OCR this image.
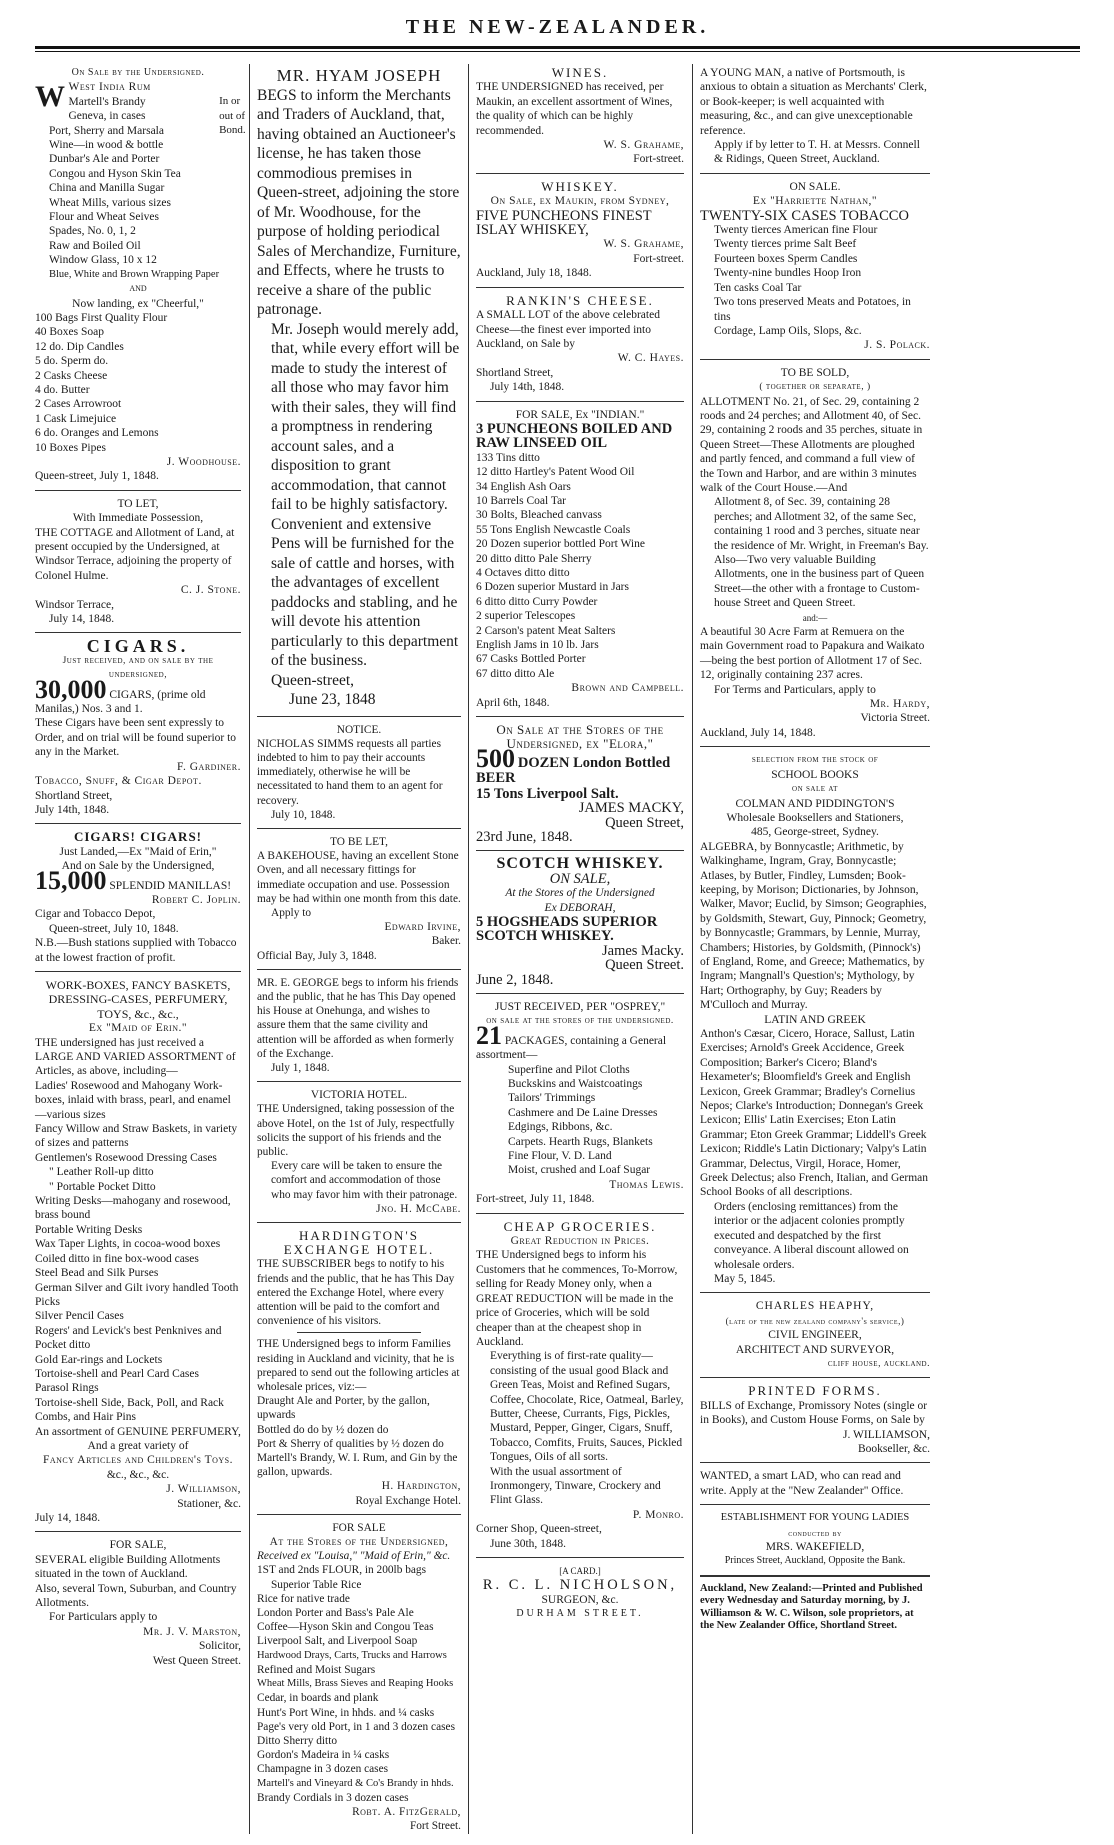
THE NEW-ZEALANDER.

On Sale by the Undersigned.

W West India Rum

Martell's Brandy

Geneva, in cases

Port, Sherry and Marsala

Wine—in wood & bottle

Dunbar's Ale and Porter

Congou and Hyson Skin Tea

China and Manilla Sugar

Wheat Mills, various sizes

Flour and Wheat Seives

Spades, No. 0, 1, 2

Raw and Boiled Oil

Window Glass, 10 x 12

Blue, White and Brown Wrapping Paper

In or out of Bond.

AND

Now landing, ex "Cheerful,"

100 Bags First Quality Flour

40 Boxes Soap

12 do. Dip Candles

5 do. Sperm do.

2 Casks Cheese

4 do. Butter

2 Cases Arrowroot

1 Cask Limejuice

6 do. Oranges and Lemons

10 Boxes Pipes

J. Woodhouse.

Queen-street, July 1, 1848.

TO LET,

With Immediate Possession,

THE COTTAGE and Allotment of Land, at present occupied by the Undersigned, at Windsor Terrace, adjoining the property of Colonel Hulme.

C. J. Stone.

Windsor Terrace,

July 14, 1848.

CIGARS.

Just received, and on sale by the undersigned,

30,000 CIGARS, (prime old Manilas,) Nos. 3 and 1.

These Cigars have been sent expressly to Order, and on trial will be found superior to any in the Market.

F. Gardiner.

Tobacco, Snuff, & Cigar Depot.

Shortland Street,

July 14th, 1848.

CIGARS! CIGARS!

Just Landed,—Ex "Maid of Erin,"

And on Sale by the Undersigned,

15,000 SPLENDID MANILLAS!

Robert C. Joplin.

Cigar and Tobacco Depot,

Queen-street, July 10, 1848.

N.B.—Bush stations supplied with Tobacco at the lowest fraction of profit.

WORK-BOXES, FANCY BASKETS, DRESSING-CASES, PERFUMERY, TOYS, &c., &c.,

Ex "Maid of Erin."

THE undersigned has just received a LARGE AND VARIED ASSORTMENT of Articles, as above, including—

Ladies' Rosewood and Mahogany Work-boxes, inlaid with brass, pearl, and enamel—various sizes

Fancy Willow and Straw Baskets, in variety of sizes and patterns

Gentlemen's Rosewood Dressing Cases

" Leather Roll-up ditto

" Portable Pocket Ditto

Writing Desks—mahogany and rosewood, brass bound

Portable Writing Desks

Wax Taper Lights, in cocoa-wood boxes

Coiled ditto in fine box-wood cases

Steel Bead and Silk Purses

German Silver and Gilt ivory handled Tooth Picks

Silver Pencil Cases

Rogers' and Levick's best Penknives and Pocket ditto

Gold Ear-rings and Lockets

Tortoise-shell and Pearl Card Cases

Parasol Rings

Tortoise-shell Side, Back, Poll, and Rack Combs, and Hair Pins

An assortment of GENUINE PERFUMERY,

And a great variety of

Fancy Articles and Children's Toys.

&c., &c., &c.

J. Williamson,

Stationer, &c.

July 14, 1848.

FOR SALE,

SEVERAL eligible Building Allotments situated in the town of Auckland.

Also, several Town, Suburban, and Country Allotments.

For Particulars apply to

Mr. J. V. Marston,

Solicitor,

West Queen Street.

MR. HYAM JOSEPH

BEGS to inform the Merchants and Traders of Auckland, that, having obtained an Auctioneer's license, he has taken those commodious premises in Queen-street, adjoining the store of Mr. Woodhouse, for the purpose of holding periodical Sales of Merchandize, Furniture, and Effects, where he trusts to receive a share of the public patronage.

Mr. Joseph would merely add, that, while every effort will be made to study the interest of all those who may favor him with their sales, they will find a promptness in rendering account sales, and a disposition to grant accommodation, that cannot fail to be highly satisfactory.

Convenient and extensive Pens will be furnished for the sale of cattle and horses, with the advantages of excellent paddocks and stabling, and he will devote his attention particularly to this department of the business.

Queen-street,

June 23, 1848

NOTICE.

NICHOLAS SIMMS requests all parties indebted to him to pay their accounts immediately, otherwise he will be necessitated to hand them to an agent for recovery.

July 10, 1848.

TO BE LET,

A BAKEHOUSE, having an excellent Stone Oven, and all necessary fittings for immediate occupation and use. Possession may be had within one month from this date.

Apply to

Edward Irvine,

Baker.

Official Bay, July 3, 1848.

MR. E. GEORGE begs to inform his friends and the public, that he has This Day opened his House at Onehunga, and wishes to assure them that the same civility and attention will be afforded as when formerly of the Exchange.

July 1, 1848.

VICTORIA HOTEL.

THE Undersigned, taking possession of the above Hotel, on the 1st of July, respectfully solicits the support of his friends and the public.

Every care will be taken to ensure the comfort and accommodation of those who may favor him with their patronage.

Jno. H. McCabe.

HARDINGTON'S

EXCHANGE HOTEL.

THE SUBSCRIBER begs to notify to his friends and the public, that he has This Day entered the Exchange Hotel, where every attention will be paid to the comfort and convenience of his visitors.

THE Undersigned begs to inform Families residing in Auckland and vicinity, that he is prepared to send out the following articles at wholesale prices, viz:—

Draught Ale and Porter, by the gallon, upwards

Bottled do do by ½ dozen do

Port & Sherry of qualities by ½ dozen do

Martell's Brandy, W. I. Rum, and Gin by the gallon, upwards.

H. Hardington,

Royal Exchange Hotel.

FOR SALE

At the Stores of the Undersigned,

Received ex "Louisa," "Maid of Erin," &c.

1ST and 2nds FLOUR, in 200lb bags

Superior Table Rice

Rice for native trade

London Porter and Bass's Pale Ale

Coffee—Hyson Skin and Congou Teas

Liverpool Salt, and Liverpool Soap

Hardwood Drays, Carts, Trucks and Harrows

Refined and Moist Sugars

Wheat Mills, Brass Sieves and Reaping Hooks

Cedar, in boards and plank

Hunt's Port Wine, in hhds. and ¼ casks

Page's very old Port, in 1 and 3 dozen cases

Ditto Sherry ditto

Gordon's Madeira in ¼ casks

Champagne in 3 dozen cases

Martell's and Vineyard & Co's Brandy in hhds.

Brandy Cordials in 3 dozen cases

Robt. A. FitzGerald,

Fort Street.

WINES.

THE UNDERSIGNED has received, per Maukin, an excellent assortment of Wines, the quality of which can be highly recommended.

W. S. Grahame,

Fort-street.

WHISKEY.

On Sale, ex Maukin, from Sydney,

FIVE PUNCHEONS FINEST ISLAY WHISKEY,

W. S. Grahame,

Fort-street.

Auckland, July 18, 1848.

RANKIN'S CHEESE.

A SMALL LOT of the above celebrated Cheese—the finest ever imported into Auckland, on Sale by

W. C. Hayes.

Shortland Street,

July 14th, 1848.

FOR SALE, Ex "INDIAN."

3 PUNCHEONS BOILED AND RAW LINSEED OIL

133 Tins ditto

12 ditto Hartley's Patent Wood Oil

34 English Ash Oars

10 Barrels Coal Tar

30 Bolts, Bleached canvass

55 Tons English Newcastle Coals

20 Dozen superior bottled Port Wine

20 ditto ditto Pale Sherry

4 Octaves ditto ditto

6 Dozen superior Mustard in Jars

6 ditto ditto Curry Powder

2 superior Telescopes

2 Carson's patent Meat Salters

English Jams in 10 lb. Jars

67 Casks Bottled Porter

67 ditto ditto Ale

Brown and Campbell.

April 6th, 1848.

On Sale at the Stores of the Undersigned, ex "Elora,"

500 DOZEN London Bottled BEER

15 Tons Liverpool Salt.

JAMES MACKY,

Queen Street,

23rd June, 1848.

SCOTCH WHISKEY.

ON SALE,

At the Stores of the Undersigned

Ex DEBORAH,

5 HOGSHEADS SUPERIOR SCOTCH WHISKEY.

James Macky.

Queen Street.

June 2, 1848.

JUST RECEIVED, PER "OSPREY,"

on sale at the stores of the undersigned.

21 PACKAGES, containing a General assortment—

Superfine and Pilot Cloths

Buckskins and Waistcoatings

Tailors' Trimmings

Cashmere and De Laine Dresses

Edgings, Ribbons, &c.

Carpets. Hearth Rugs, Blankets

Fine Flour, V. D. Land

Moist, crushed and Loaf Sugar

Thomas Lewis.

Fort-street, July 11, 1848.

CHEAP GROCERIES.

Great Reduction in Prices.

THE Undersigned begs to inform his Customers that he commences, To-Morrow, selling for Ready Money only, when a GREAT REDUCTION will be made in the price of Groceries, which will be sold cheaper than at the cheapest shop in Auckland.

Everything is of first-rate quality—consisting of the usual good Black and Green Teas, Moist and Refined Sugars, Coffee, Chocolate, Rice, Oatmeal, Barley, Butter, Cheese, Currants, Figs, Pickles, Mustard, Pepper, Ginger, Cigars, Snuff, Tobacco, Comfits, Fruits, Sauces, Pickled Tongues, Oils of all sorts.

With the usual assortment of Ironmongery, Tinware, Crockery and Flint Glass.

P. Monro.

Corner Shop, Queen-street,

June 30th, 1848.

[A CARD.]

R. C. L. NICHOLSON,

SURGEON, &c.

DURHAM STREET.

A YOUNG MAN, a native of Portsmouth, is anxious to obtain a situation as Merchants' Clerk, or Book-keeper; is well acquainted with measuring, &c., and can give unexceptionable reference.

Apply if by letter to T. H. at Messrs. Connell & Ridings, Queen Street, Auckland.

ON SALE.

Ex "Harriette Nathan,"

TWENTY-SIX CASES TOBACCO

Twenty tierces American fine Flour

Twenty tierces prime Salt Beef

Fourteen boxes Sperm Candles

Twenty-nine bundles Hoop Iron

Ten casks Coal Tar

Two tons preserved Meats and Potatoes, in tins

Cordage, Lamp Oils, Slops, &c.

J. S. Polack.

TO BE SOLD,

( together or separate, )

ALLOTMENT No. 21, of Sec. 29, containing 2 roods and 24 perches; and Allotment 40, of Sec. 29, containing 2 roods and 35 perches, situate in Queen Street—These Allotments are ploughed and partly fenced, and command a full view of the Town and Harbor, and are within 3 minutes walk of the Court House.—And

Allotment 8, of Sec. 39, containing 28 perches; and Allotment 32, of the same Sec, containing 1 rood and 3 perches, situate near the residence of Mr. Wright, in Freeman's Bay.

Also—Two very valuable Building Allotments, one in the business part of Queen Street—the other with a frontage to Custom-house Street and Queen Street.

and:—

A beautiful 30 Acre Farm at Remuera on the main Government road to Papakura and Waikato—being the best portion of Allotment 17 of Sec. 12, originally containing 237 acres.

For Terms and Particulars, apply to

Mr. Hardy,

Victoria Street.

Auckland, July 14, 1848.

selection from the stock of

SCHOOL BOOKS

on sale at

COLMAN AND PIDDINGTON'S

Wholesale Booksellers and Stationers,

485, George-street, Sydney.

ALGEBRA, by Bonnycastle; Arithmetic, by Walkinghame, Ingram, Gray, Bonnycastle; Atlases, by Butler, Findley, Lumsden; Book-keeping, by Morison; Dictionaries, by Johnson, Walker, Mavor; Euclid, by Simson; Geographies, by Goldsmith, Stewart, Guy, Pinnock; Geometry, by Bonnycastle; Grammars, by Lennie, Murray, Chambers; Histories, by Goldsmith, (Pinnock's) of England, Rome, and Greece; Mathematics, by Ingram; Mangnall's Question's; Mythology, by Hart; Orthography, by Guy; Readers by M'Culloch and Murray.

LATIN AND GREEK

Anthon's Cæsar, Cicero, Horace, Sallust, Latin Exercises; Arnold's Greek Accidence, Greek Composition; Barker's Cicero; Bland's Hexameter's; Bloomfield's Greek and English Lexicon, Greek Grammar; Bradley's Cornelius Nepos; Clarke's Introduction; Donnegan's Greek Lexicon; Ellis' Latin Exercises; Eton Latin Grammar; Eton Greek Grammar; Liddell's Greek Lexicon; Riddle's Latin Dictionary; Valpy's Latin Grammar, Delectus, Virgil, Horace, Homer, Greek Delectus; also French, Italian, and German School Books of all descriptions.

Orders (enclosing remittances) from the interior or the adjacent colonies promptly executed and despatched by the first conveyance. A liberal discount allowed on wholesale orders.

May 5, 1845.

CHARLES HEAPHY,

(late of the new zealand company's service,)

CIVIL ENGINEER,

ARCHITECT AND SURVEYOR,

cliff house, auckland.

PRINTED FORMS.

BILLS of Exchange, Promissory Notes (single or in Books), and Custom House Forms, on Sale by

J. WILLIAMSON,

Bookseller, &c.

WANTED, a smart LAD, who can read and write. Apply at the "New Zealander" Office.

ESTABLISHMENT FOR YOUNG LADIES

conducted by

MRS. WAKEFIELD,

Princes Street, Auckland, Opposite the Bank.

Auckland, New Zealand:—Printed and Published every Wednesday and Saturday morning, by J. Williamson & W. C. Wilson, sole proprietors, at the New Zealander Office, Shortland Street.
